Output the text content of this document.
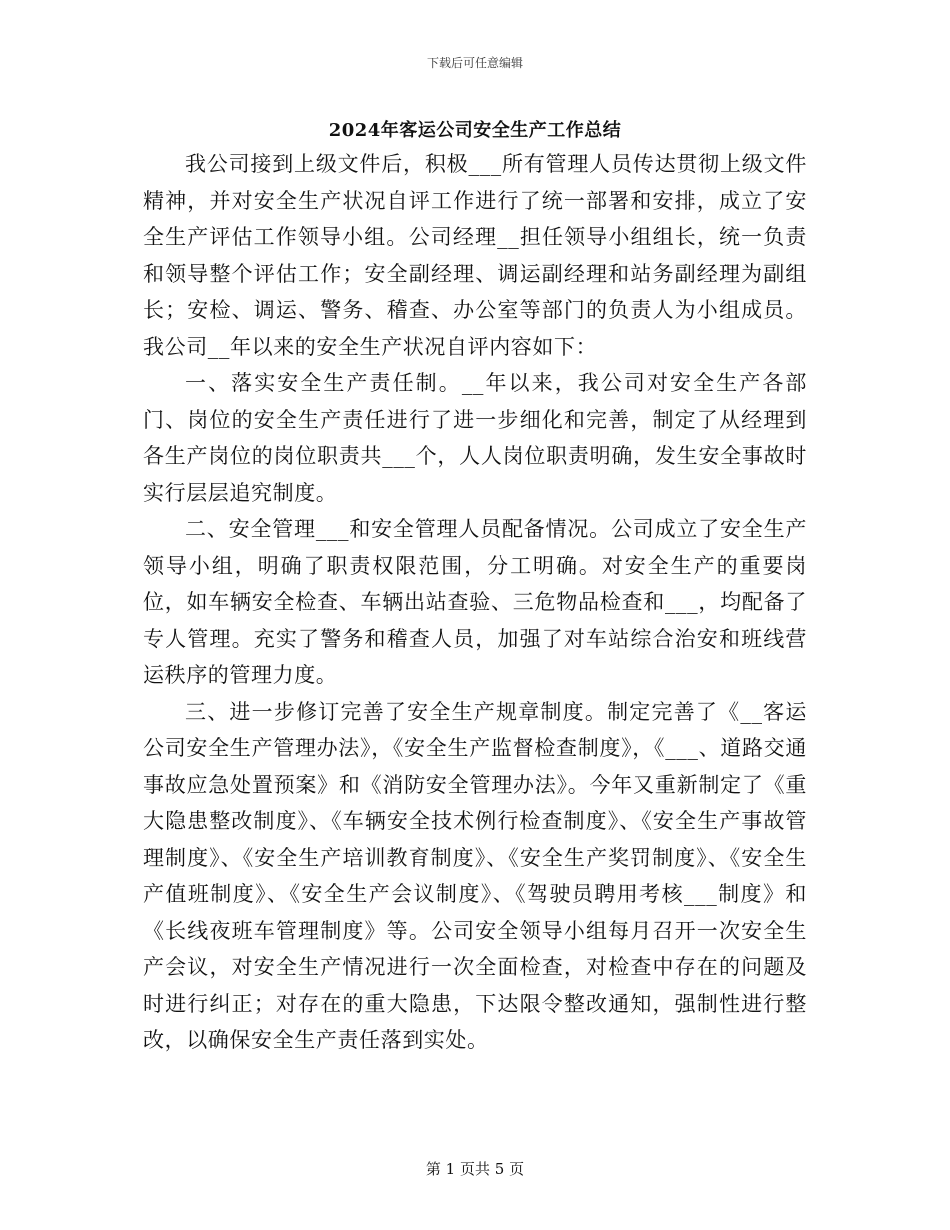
下载后可任意编辑
2024年客运公司安全生产工作总结

我公司接到上级文件后，积极___所有管理人员传达贯彻上级文件精神，并对安全生产状况自评工作进行了统一部署和安排，成立了安全生产评估工作领导小组。公司经理__担任领导小组组长，统一负责和领导整个评估工作；安全副经理、调运副经理和站务副经理为副组长；安检、调运、警务、稽查、办公室等部门的负责人为小组成员。我公司__年以来的安全生产状况自评内容如下：

一、落实安全生产责任制。__年以来，我公司对安全生产各部门、岗位的安全生产责任进行了进一步细化和完善，制定了从经理到各生产岗位的岗位职责共___个，人人岗位职责明确，发生安全事故时实行层层追究制度。

二、安全管理___和安全管理人员配备情况。公司成立了安全生产领导小组，明确了职责权限范围，分工明确。对安全生产的重要岗位，如车辆安全检查、车辆出站查验、三危物品检查和___，均配备了专人管理。充实了警务和稽查人员，加强了对车站综合治安和班线营运秩序的管理力度。

三、进一步修订完善了安全生产规章制度。制定完善了《__客运公司安全生产管理办法》，《安全生产监督检查制度》，《___、道路交通事故应急处置预案》和《消防安全管理办法》。今年又重新制定了《重大隐患整改制度》、《车辆安全技术例行检查制度》、《安全生产事故管理制度》、《安全生产培训教育制度》、《安全生产奖罚制度》、《安全生产值班制度》、《安全生产会议制度》、《驾驶员聘用考核___制度》和《长线夜班车管理制度》等。公司安全领导小组每月召开一次安全生产会议，对安全生产情况进行一次全面检查，对检查中存在的问题及时进行纠正；对存在的重大隐患，下达限令整改通知，强制性进行整改，以确保安全生产责任落到实处。

第 1 页共 5 页
